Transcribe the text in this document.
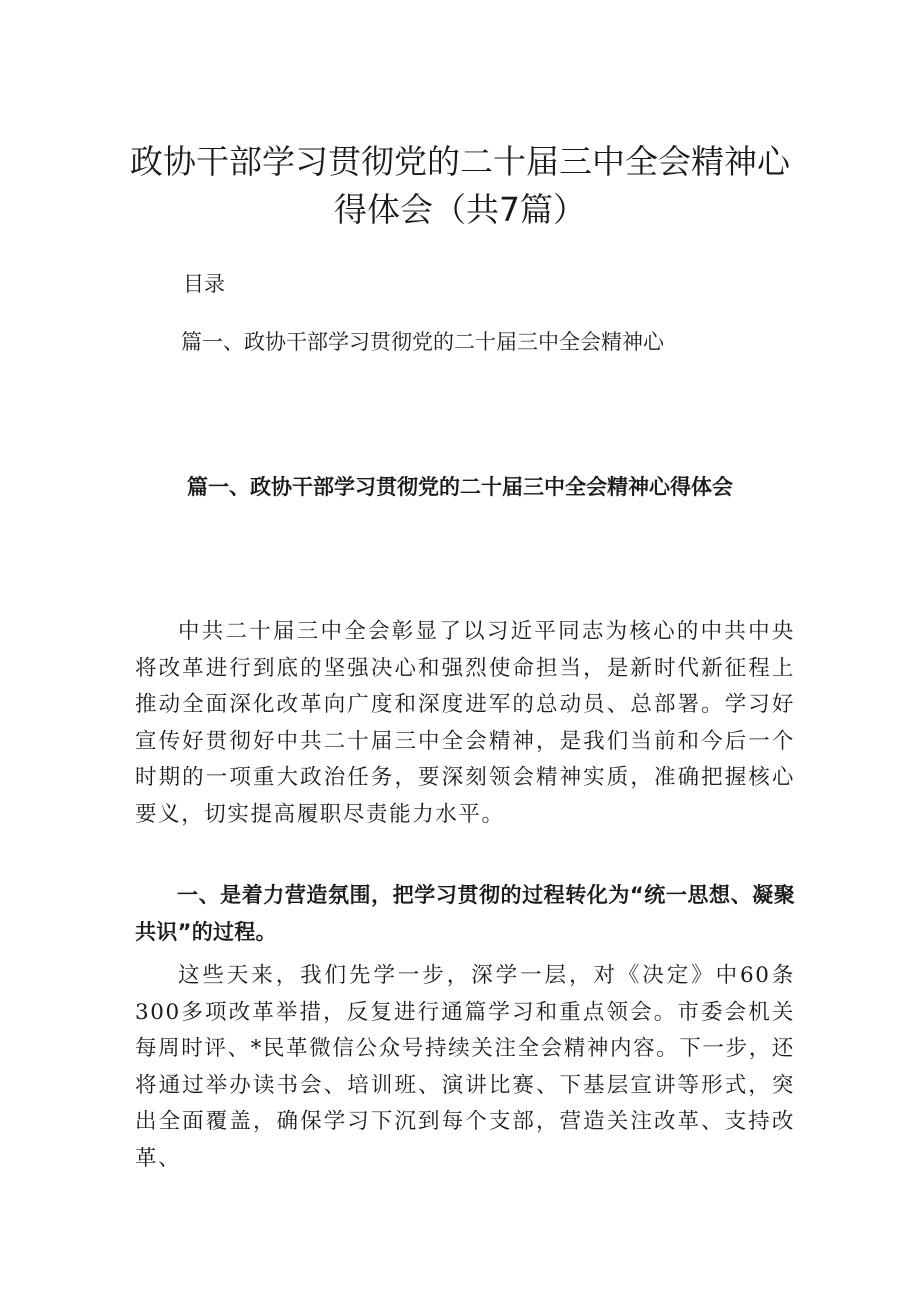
政协干部学习贯彻党的二十届三中全会精神心得体会（共7篇）
目录
篇一、政协干部学习贯彻党的二十届三中全会精神心
篇一、政协干部学习贯彻党的二十届三中全会精神心得体会

中共二十届三中全会彰显了以习近平同志为核心的中共中央将改革进行到底的坚强决心和强烈使命担当，是新时代新征程上推动全面深化改革向广度和深度进军的总动员、总部署。学习好宣传好贯彻好中共二十届三中全会精神，是我们当前和今后一个时期的一项重大政治任务，要深刻领会精神实质，准确把握核心要义，切实提高履职尽责能力水平。

一、是着力营造氛围，把学习贯彻的过程转化为“统一思想、凝聚共识”的过程。

这些天来，我们先学一步，深学一层，对《决定》中60条300多项改革举措，反复进行通篇学习和重点领会。市委会机关每周时评、*民革微信公众号持续关注全会精神内容。下一步，还将通过举办读书会、培训班、演讲比赛、下基层宣讲等形式，突出全面覆盖，确保学习下沉到每个支部，营造关注改革、支持改革、
